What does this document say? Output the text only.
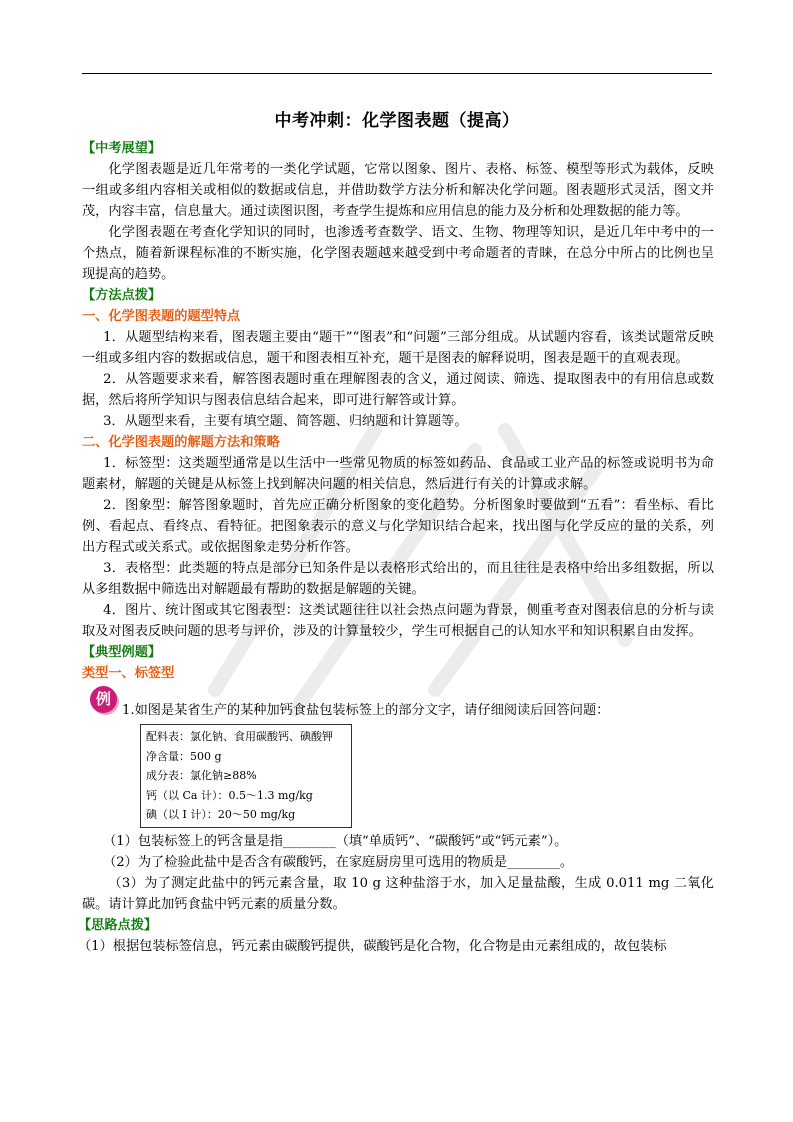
中考冲刺：化学图表题（提高）
【中考展望】

化学图表题是近几年常考的一类化学试题，它常以图象、图片、表格、标签、模型等形式为载体，反映一组或多组内容相关或相似的数据或信息，并借助数学方法分析和解决化学问题。图表题形式灵活，图文并茂，内容丰富，信息量大。通过读图识图，考查学生提炼和应用信息的能力及分析和处理数据的能力等。

化学图表题在考查化学知识的同时，也渗透考查数学、语文、生物、物理等知识，是近几年中考中的一个热点，随着新课程标准的不断实施，化学图表题越来越受到中考命题者的青睐，在总分中所占的比例也呈现提高的趋势。

【方法点拨】
一、化学图表题的题型特点

1．从题型结构来看，图表题主要由“题干”“图表”和“问题”三部分组成。从试题内容看，该类试题常反映一组或多组内容的数据或信息，题干和图表相互补充，题干是图表的解释说明，图表是题干的直观表现。

2．从答题要求来看，解答图表题时重在理解图表的含义，通过阅读、筛选、提取图表中的有用信息或数据，然后将所学知识与图表信息结合起来，即可进行解答或计算。

3．从题型来看，主要有填空题、简答题、归纳题和计算题等。

二、化学图表题的解题方法和策略

1．标签型：这类题型通常是以生活中一些常见物质的标签如药品、食品或工业产品的标签或说明书为命题素材，解题的关键是从标签上找到解决问题的相关信息，然后进行有关的计算或求解。

2．图象型：解答图象题时，首先应正确分析图象的变化趋势。分析图象时要做到“五看”：看坐标、看比例、看起点、看终点、看特征。把图象表示的意义与化学知识结合起来，找出图与化学反应的量的关系，列出方程式或关系式。或依据图象走势分析作答。

3．表格型：此类题的特点是部分已知条件是以表格形式给出的，而且往往是表格中给出多组数据，所以从多组数据中筛选出对解题最有帮助的数据是解题的关键。

4．图片、统计图或其它图表型：这类试题往往以社会热点问题为背景，侧重考查对图表信息的分析与读取及对图表反映问题的思考与评价，涉及的计算量较少，学生可根据自己的认知水平和知识积累自由发挥。

【典型例题】
类型一、标签型
例
1.如图是某省生产的某种加钙食盐包装标签上的部分文字，请仔细阅读后回答问题：
配料表：氯化钠、食用碳酸钙、碘酸钾
净含量：500 g
成分表：氯化钠≥88%
钙（以 Ca 计）：0.5～1.3 mg/kg
碘（以 I 计）：20～50 mg/kg

（1）包装标签上的钙含量是指________（填“单质钙”、“碳酸钙”或“钙元素”）。

（2）为了检验此盐中是否含有碳酸钙，在家庭厨房里可选用的物质是________。

（3）为了测定此盐中的钙元素含量，取 10 g 这种盐溶于水，加入足量盐酸，生成 0.011 mg 二氧化碳。请计算此加钙食盐中钙元素的质量分数。

【思路点拨】

（1）根据包装标签信息，钙元素由碳酸钙提供，碳酸钙是化合物，化合物是由元素组成的，故包装标
